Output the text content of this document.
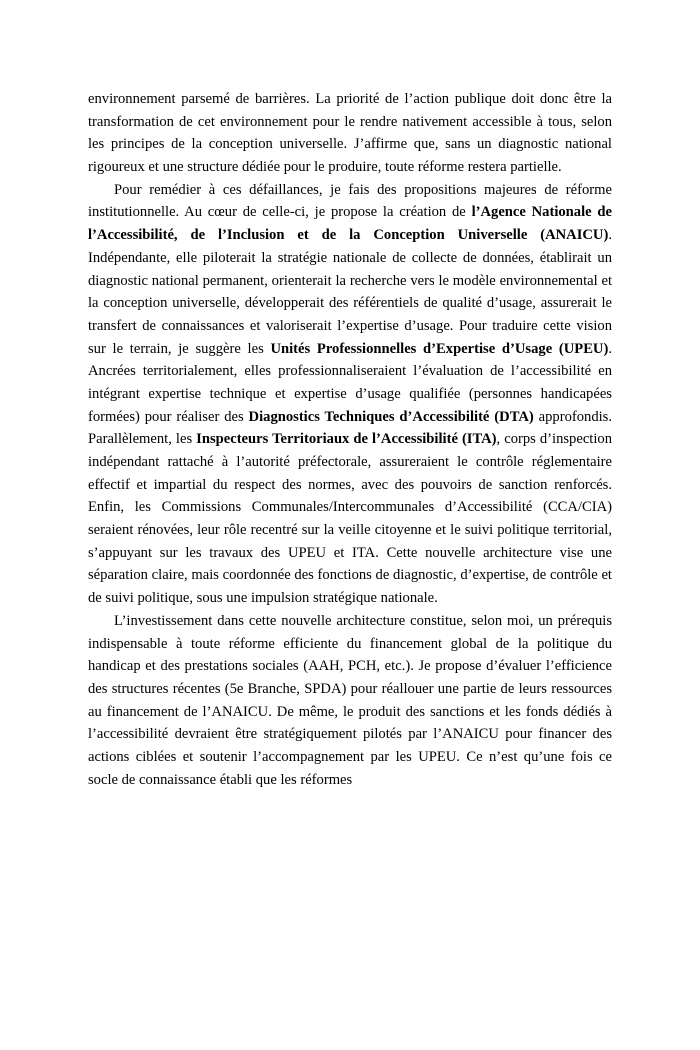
environnement parsemé de barrières. La priorité de l’action publique doit donc être la transformation de cet environnement pour le rendre nativement accessible à tous, selon les principes de la conception universelle. J’affirme que, sans un diagnostic national rigoureux et une structure dédiée pour le produire, toute réforme restera partielle.

Pour remédier à ces défaillances, je fais des propositions majeures de réforme institutionnelle. Au cœur de celle-ci, je propose la création de l’Agence Nationale de l’Accessibilité, de l’Inclusion et de la Conception Universelle (ANAICU). Indépendante, elle piloterait la stratégie nationale de collecte de données, établirait un diagnostic national permanent, orienterait la recherche vers le modèle environnemental et la conception universelle, développerait des référentiels de qualité d’usage, assurerait le transfert de connaissances et valoriserait l’expertise d’usage. Pour traduire cette vision sur le terrain, je suggère les Unités Professionnelles d’Expertise d’Usage (UPEU). Ancrées territorialement, elles professionnaliseraient l’évaluation de l’accessibilité en intégrant expertise technique et expertise d’usage qualifiée (personnes handicapées formées) pour réaliser des Diagnostics Techniques d’Accessibilité (DTA) approfondis. Parallèlement, les Inspecteurs Territoriaux de l’Accessibilité (ITA), corps d’inspection indépendant rattaché à l’autorité préfectorale, assureraient le contrôle réglementaire effectif et impartial du respect des normes, avec des pouvoirs de sanction renforcés. Enfin, les Commissions Communales/Intercommunales d’Accessibilité (CCA/CIA) seraient rénovées, leur rôle recentré sur la veille citoyenne et le suivi politique territorial, s’appuyant sur les travaux des UPEU et ITA. Cette nouvelle architecture vise une séparation claire, mais coordonnée des fonctions de diagnostic, d’expertise, de contrôle et de suivi politique, sous une impulsion stratégique nationale.

L’investissement dans cette nouvelle architecture constitue, selon moi, un prérequis indispensable à toute réforme efficiente du financement global de la politique du handicap et des prestations sociales (AAH, PCH, etc.). Je propose d’évaluer l’efficience des structures récentes (5e Branche, SPDA) pour réallouer une partie de leurs ressources au financement de l’ANAICU. De même, le produit des sanctions et les fonds dédiés à l’accessibilité devraient être stratégiquement pilotés par l’ANAICU pour financer des actions ciblées et soutenir l’accompagnement par les UPEU. Ce n’est qu’une fois ce socle de connaissance établi que les réformes
